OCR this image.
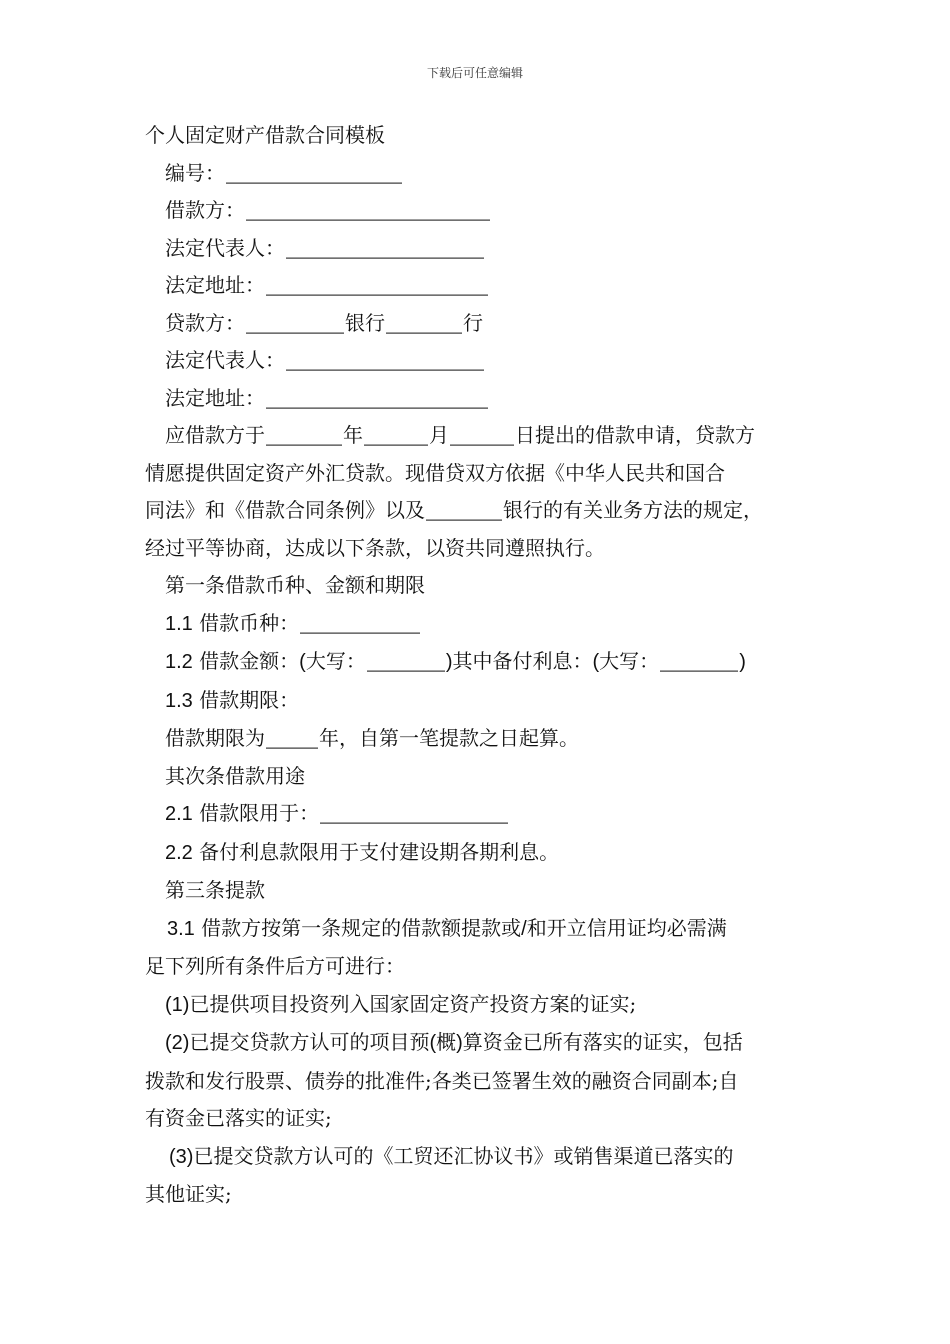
下载后可任意编辑
个人固定财产借款合同模板
编号：
借款方：
法定代表人：
法定地址：
贷款方：	银行	行
法定代表人：
法定地址：
应借款方于	年	月	日提出的借款申请，贷款方
情愿提供固定资产外汇贷款。现借贷双方依据《中华人民共和国合
同法》和《借款合同条例》以及	银行的有关业务方法的规定，
经过平等协商，达成以下条款，以资共同遵照执行。
第一条借款币种、金额和期限
1.1 借款币种：
1.2 借款金额：(大写：	)其中备付利息：(大写：	)
1.3 借款期限：
借款期限为	年，自第一笔提款之日起算。
其次条借款用途
2.1 借款限用于：
2.2 备付利息款限用于支付建设期各期利息。
第三条提款
3.1 借款方按第一条规定的借款额提款或/和开立信用证均必需满
足下列所有条件后方可进行：
(1)已提供项目投资列入国家固定资产投资方案的证实;
(2)已提交贷款方认可的项目预(概)算资金已所有落实的证实，包括
拨款和发行股票、债券的批准件;各类已签署生效的融资合同副本;自
有资金已落实的证实;
(3)已提交贷款方认可的《工贸还汇协议书》或销售渠道已落实的
其他证实;
